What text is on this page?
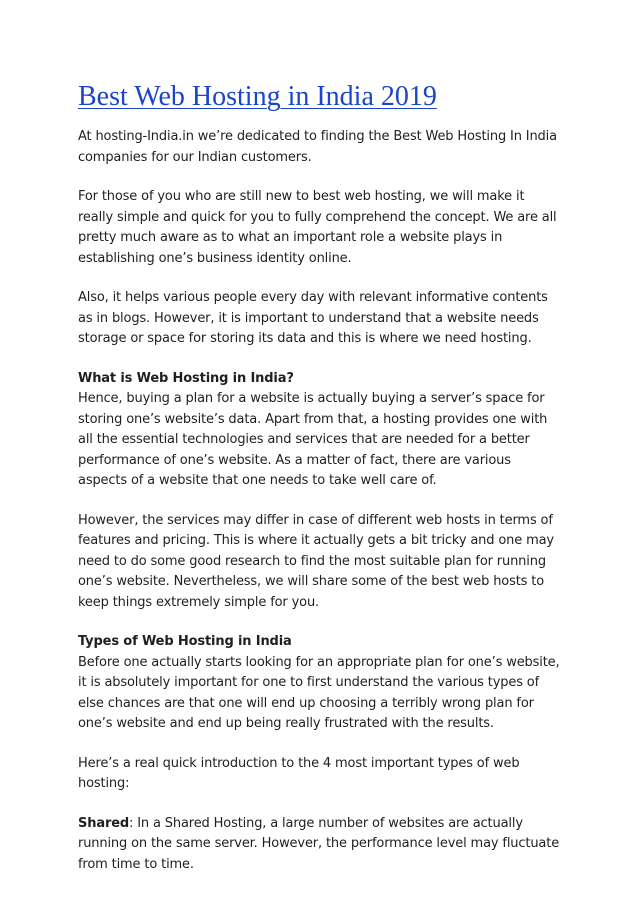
Best Web Hosting in India 2019

At hosting-India.in we’re dedicated to finding the Best Web Hosting In India companies for our Indian customers.

For those of you who are still new to best web hosting, we will make it really simple and quick for you to fully comprehend the concept. We are all pretty much aware as to what an important role a website plays in establishing one’s business identity online.

Also, it helps various people every day with relevant informative contents as in blogs. However, it is important to understand that a website needs storage or space for storing its data and this is where we need hosting.

What is Web Hosting in India?

Hence, buying a plan for a website is actually buying a server’s space for storing one’s website’s data. Apart from that, a hosting provides one with all the essential technologies and services that are needed for a better performance of one’s website. As a matter of fact, there are various aspects of a website that one needs to take well care of.

However, the services may differ in case of different web hosts in terms of features and pricing. This is where it actually gets a bit tricky and one may need to do some good research to find the most suitable plan for running one’s website. Nevertheless, we will share some of the best web hosts to keep things extremely simple for you.

Types of Web Hosting in India

Before one actually starts looking for an appropriate plan for one’s website, it is absolutely important for one to first understand the various types of else chances are that one will end up choosing a terribly wrong plan for one’s website and end up being really frustrated with the results.

Here’s a real quick introduction to the 4 most important types of web hosting:

Shared: In a Shared Hosting, a large number of websites are actually running on the same server. However, the performance level may fluctuate from time to time.
